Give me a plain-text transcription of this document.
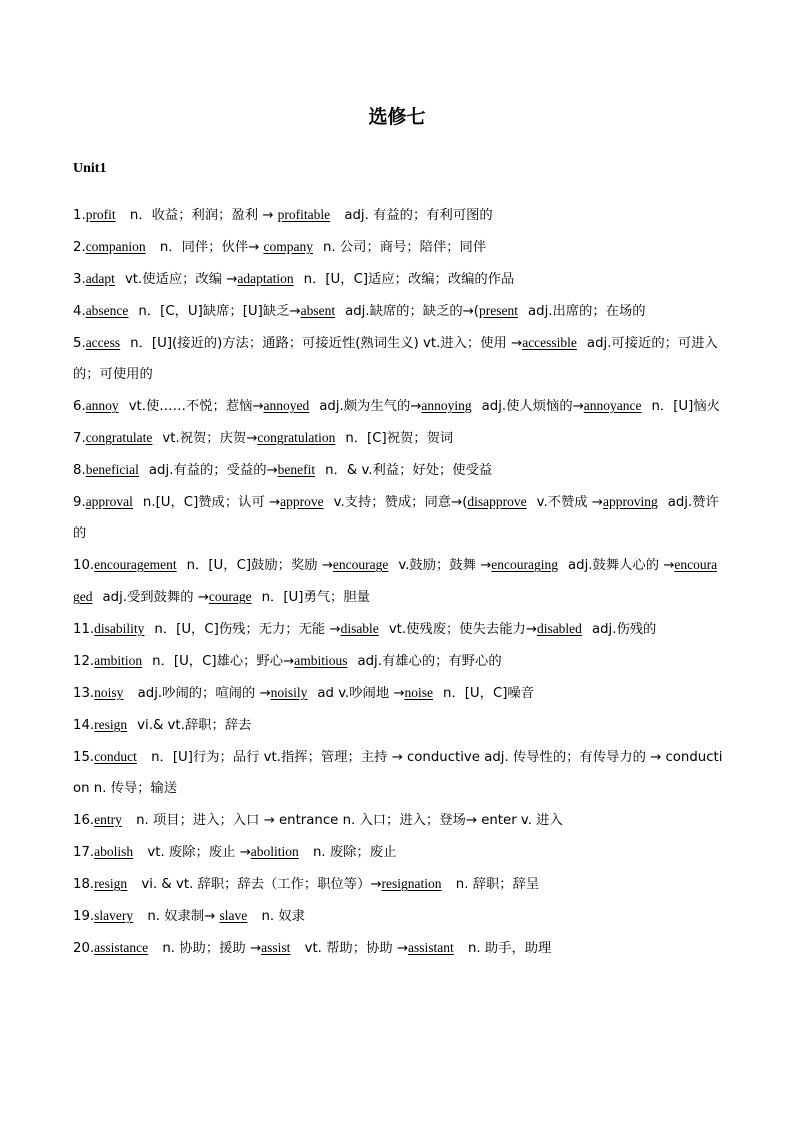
选修七
Unit1
1.profit n．收益；利润；盈利 → profitable adj. 有益的；有利可图的
2.companion n．同伴；伙伴→ company n. 公司；商号；陪伴；同伴
3.adapt vt.使适应；改编 →adaptation n．[U，C]适应；改编；改编的作品
4.absence n．[C，U]缺席；[U]缺乏→absent adj.缺席的；缺乏的→(present adj.出席的；在场的
5.access n．[U](接近的)方法；通路；可接近性(熟词生义) vt.进入；使用 →accessible adj.可接近的；可进入的；可使用的
6.annoy vt.使……不悦；惹恼→annoyed adj.颇为生气的→annoying adj.使人烦恼的→annoyance n．[U]恼火
7.congratulate vt.祝贺；庆贺→congratulation n．[C]祝贺；贺词
8.beneficial adj.有益的；受益的→benefit n．& v.利益；好处；使受益
9.approval n.[U，C]赞成；认可 →approve v.支持；赞成；同意→(disapprove v.不赞成 →approving adj.赞许的
10.encouragement n．[U，C]鼓励；奖励 →encourage v.鼓励；鼓舞 →encouraging adj.鼓舞人心的 →encouraged adj.受到鼓舞的 →courage n．[U]勇气；胆量
11.disability n．[U，C]伤残；无力；无能 →disable vt.使残废；使失去能力→disabled adj.伤残的
12.ambition n．[U，C]雄心；野心→ambitious adj.有雄心的；有野心的
13.noisy adj.吵闹的；喧闹的 →noisily ad v.吵闹地 →noise n．[U，C]噪音
14.resign vi.& vt.辞职；辞去
15.conduct n．[U]行为；品行 vt.指挥；管理；主持 → conductive adj. 传导性的；有传导力的 → conduction n. 传导；输送
16.entry n. 项目；进入；入口 → entrance n. 入口；进入；登场→ enter v. 进入
17.abolish vt. 废除；废止 →abolition n. 废除；废止
18.resign vi. & vt. 辞职；辞去（工作；职位等）→resignation n. 辞职；辞呈
19.slavery n. 奴隶制→ slave n. 奴隶
20.assistance n. 协助；援助 →assist vt. 帮助；协助 →assistant n. 助手，助理
